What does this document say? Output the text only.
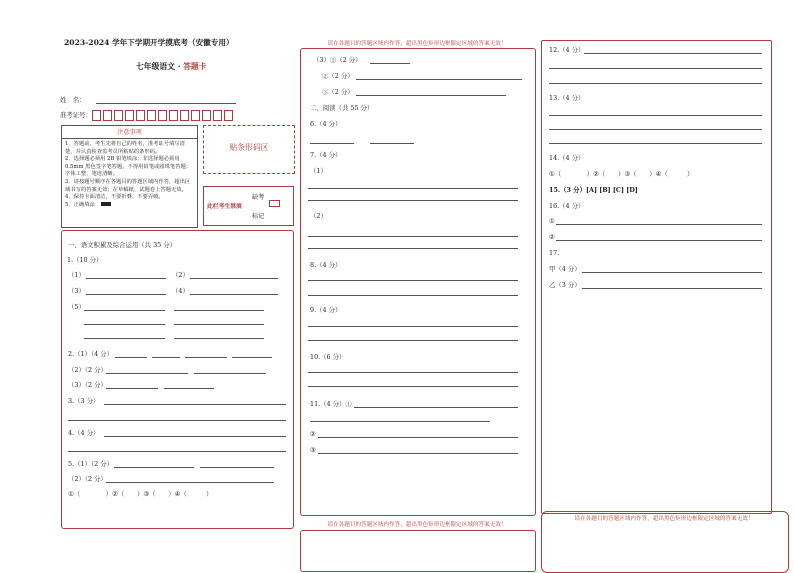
2023-2024 学年下学期开学摸底考（安徽专用）
七年级语文 · 答题卡
姓　名：
准考证号：
注意事项
1．答题前，考生先将自己的姓名，准考证号填写清楚，并认真检查监考员所粘贴的条形码。
2．选择题必须用 2B 铅笔填涂；非选择题必须用 0.5mm 黑色签字笔答题，不得用铅笔或圆珠笔答题；字体工整、笔迹清晰。
3．请按题号顺序在各题目的答题区域内作答，超出区域书写的答案无效；在草稿纸、试题卷上答题无效。
4．保持卡面清洁，不要折叠、不要弄破。
5．正确填涂
贴条形码区
此栏考生禁填
缺考
标记
一、语文积累及综合运用（共 35 分）
1.（10 分）
（1）	（2）
（3）	（4）
（5）
2.（1）（4 分）
（2）（2 分）
（3）（2 分）
3.（3 分）
4.（4 分）
5.（1）（2 分）
（2）（2 分）
①（　　　　）②（　　）③（　　）④（　　　）
请在各题目的答题区域内作答，超出黑色矩形边框限定区域的答案无效！
（3）①（2 分）
②（2 分）
③（2 分）
二、阅读（共 55 分）
6.（4 分）
7.（4 分）
（1）
（2）
8.（4 分）
9.（4 分）
10.（6 分）
11.（4 分）①
②
③
请在各题目的答题区域内作答，超出黑色矩形边框限定区域的答案无效！
12.（4 分）
13.（4 分）
14.（4 分）
①（　　　　）②（　　）③（　　）④（　　　）
15.（3 分）[A] [B] [C] [D]
16.（4 分）
①
②
17.
甲（4 分）
乙（3 分）
请在各题目的答题区域内作答，超出黑色矩形边框限定区域的答案无效！
